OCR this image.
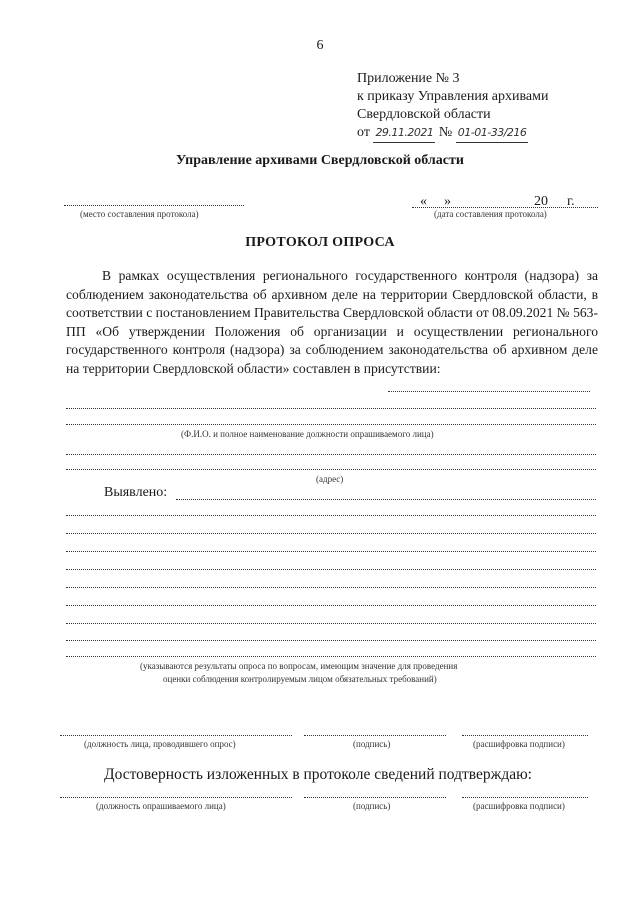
6
Приложение № 3
к приказу Управления архивами
Свердловской области
от 29.11.2021 № 01-01-33/216
Управление архивами Свердловской области
(место составления протокола)
« »	20 г.
(дата составления протокола)
ПРОТОКОЛ ОПРОСА
В рамках осуществления регионального государственного контроля (надзора) за соблюдением законодательства об архивном деле на территории Свердловской области, в соответствии с постановлением Правительства Свердловской области от 08.09.2021 № 563-ПП «Об утверждении Положения об организации и осуществлении регионального государственного контроля (надзора) за соблюдением законодательства об архивном деле на территории Свердловской области» составлен в присутствии:
(Ф.И.О. и полное наименование должности опрашиваемого лица)
(адрес)
Выявлено:
(указываются результаты опроса по вопросам, имеющим значение для проведения
оценки соблюдения контролируемым лицом обязательных требований)
(должность лица, проводившего опрос)	(подпись)	(расшифровка подписи)
Достоверность изложенных в протоколе сведений подтверждаю:
(должность опрашиваемого лица)	(подпись)	(расшифровка подписи)
